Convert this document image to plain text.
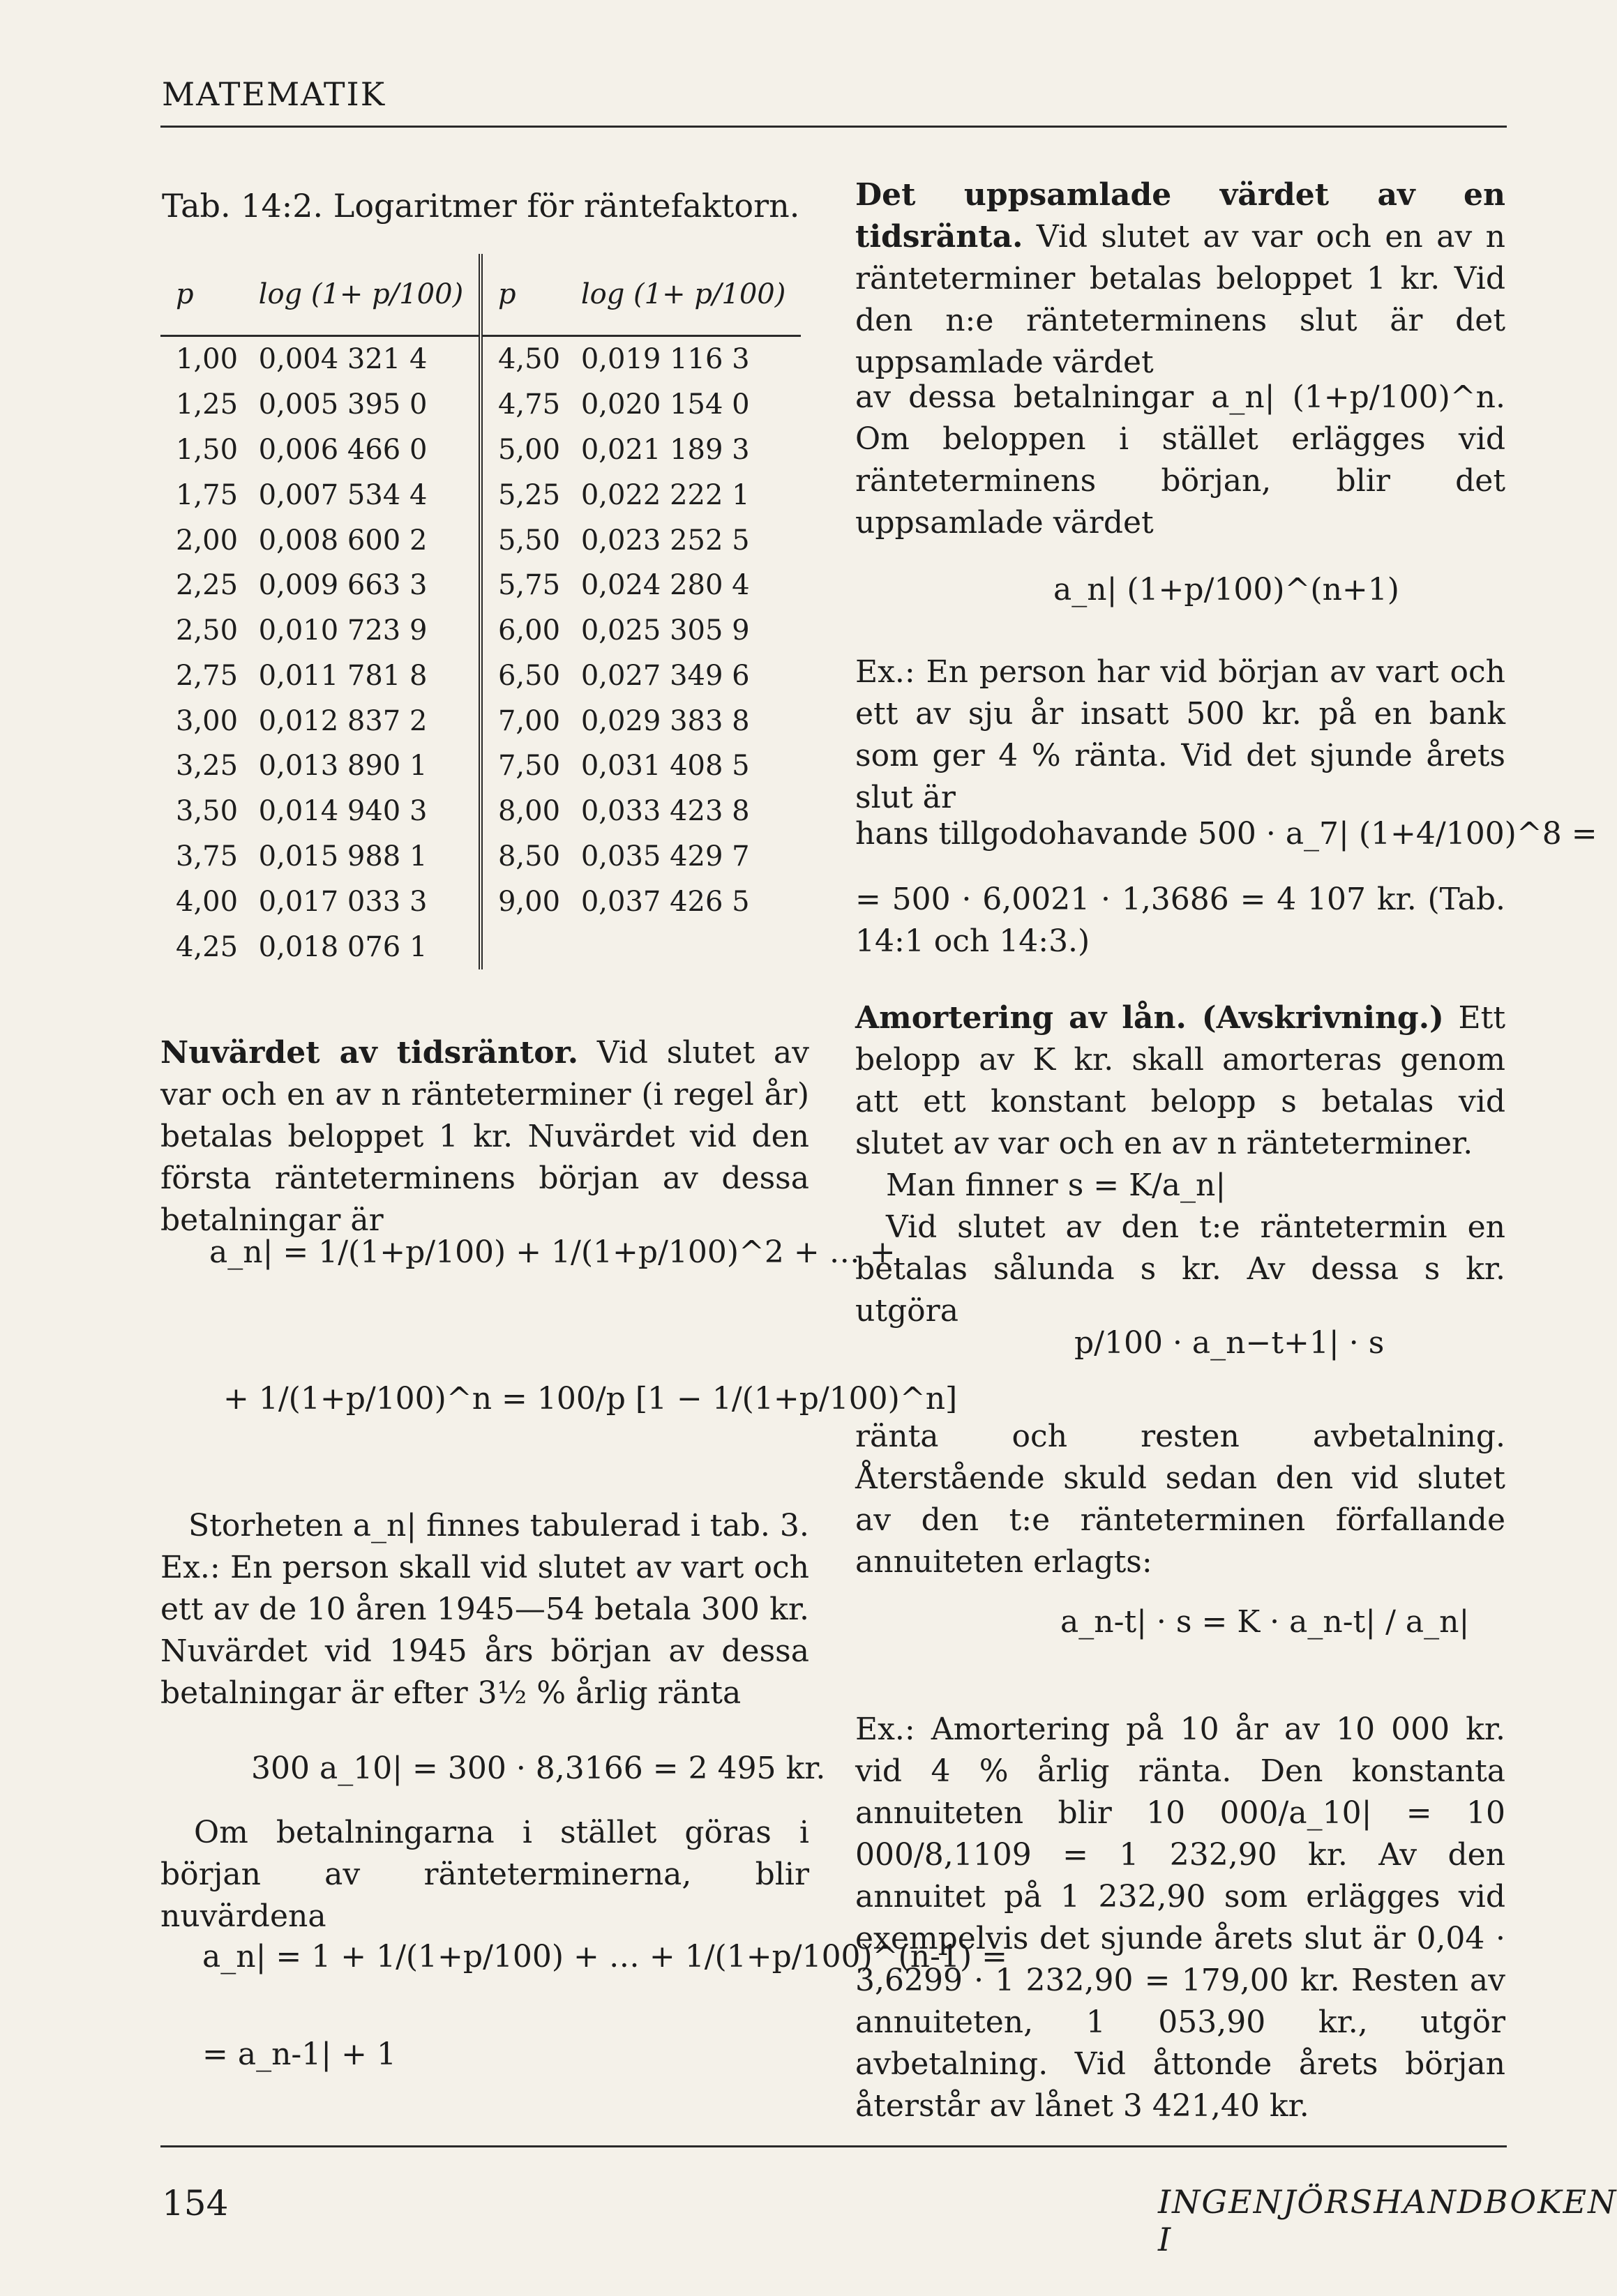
MATEMATIK
Tab. 14:2. Logaritmer för räntefaktorn.
p	log (1+ p/100)	p	log (1+ p/100)
1,00	0,004 321 4	4,50	0,019 116 3
1,25	0,005 395 0	4,75	0,020 154 0
1,50	0,006 466 0	5,00	0,021 189 3
1,75	0,007 534 4	5,25	0,022 222 1
2,00	0,008 600 2	5,50	0,023 252 5
2,25	0,009 663 3	5,75	0,024 280 4
2,50	0,010 723 9	6,00	0,025 305 9
2,75	0,011 781 8	6,50	0,027 349 6
3,00	0,012 837 2	7,00	0,029 383 8
3,25	0,013 890 1	7,50	0,031 408 5
3,50	0,014 940 3	8,00	0,033 423 8
3,75	0,015 988 1	8,50	0,035 429 7
4,00	0,017 033 3	9,00	0,037 426 5
4,25	0,018 076 1		

Nuvärdet av tidsräntor. Vid slutet av var och en av n ränteterminer (i regel år) betalas beloppet 1 kr. Nuvärdet vid den första ränteterminens början av dessa betalningar är

a_n| = 1/(1+p/100) + 1/(1+p/100)^2 + … +
+ 1/(1+p/100)^n = 100/p [1 − 1/(1+p/100)^n]

Storheten a_n| finnes tabulerad i tab. 3.

Ex.: En person skall vid slutet av vart och ett av de 10 åren 1945—54 betala 300 kr. Nuvärdet vid 1945 års början av dessa betalningar är efter 3½ % årlig ränta

300 a_10| = 300 · 8,3166 = 2 495 kr.

Om betalningarna i stället göras i början av ränteterminerna, blir nuvärdena

a_n| = 1 + 1/(1+p/100) + … + 1/(1+p/100)^(n-1) =
= a_n-1| + 1

Det uppsamlade värdet av en tidsränta. Vid slutet av var och en av n ränteterminer betalas beloppet 1 kr. Vid den n:e ränteterminens slut är det uppsamlade värdet

av dessa betalningar a_n| (1+p/100)^n. Om beloppen i stället erlägges vid ränteterminens början, blir det uppsamlade värdet

a_n| (1+p/100)^(n+1)

Ex.: En person har vid början av vart och ett av sju år insatt 500 kr. på en bank som ger 4 % ränta. Vid det sjunde årets slut är

hans tillgodohavande 500 · a_7| (1+4/100)^8 =

= 500 · 6,0021 · 1,3686 = 4 107 kr. (Tab. 14:1 och 14:3.)

Amortering av lån. (Avskrivning.) Ett belopp av K kr. skall amorteras genom att ett konstant belopp s betalas vid slutet av var och en av n ränteterminer.

Man finner s = K/a_n|

Vid slutet av den t:e räntetermin en betalas sålunda s kr. Av dessa s kr. utgöra

p/100 · a_n−t+1| · s

ränta och resten avbetalning. Återstående skuld sedan den vid slutet av den t:e ränteterminen förfallande annuiteten erlagts:

a_n-t| · s = K · a_n-t| / a_n|

Ex.: Amortering på 10 år av 10 000 kr. vid 4 % årlig ränta. Den konstanta annuiteten blir 10 000/a_10| = 10 000/8,1109 = 1 232,90 kr. Av den annuitet på 1 232,90 som erlägges vid exempelvis det sjunde årets slut är 0,04 · 3,6299 · 1 232,90 = 179,00 kr. Resten av annuiteten, 1 053,90 kr., utgör avbetalning. Vid åttonde årets början återstår av lånet 3 421,40 kr.

154	INGENJÖRSHANDBOKEN I
